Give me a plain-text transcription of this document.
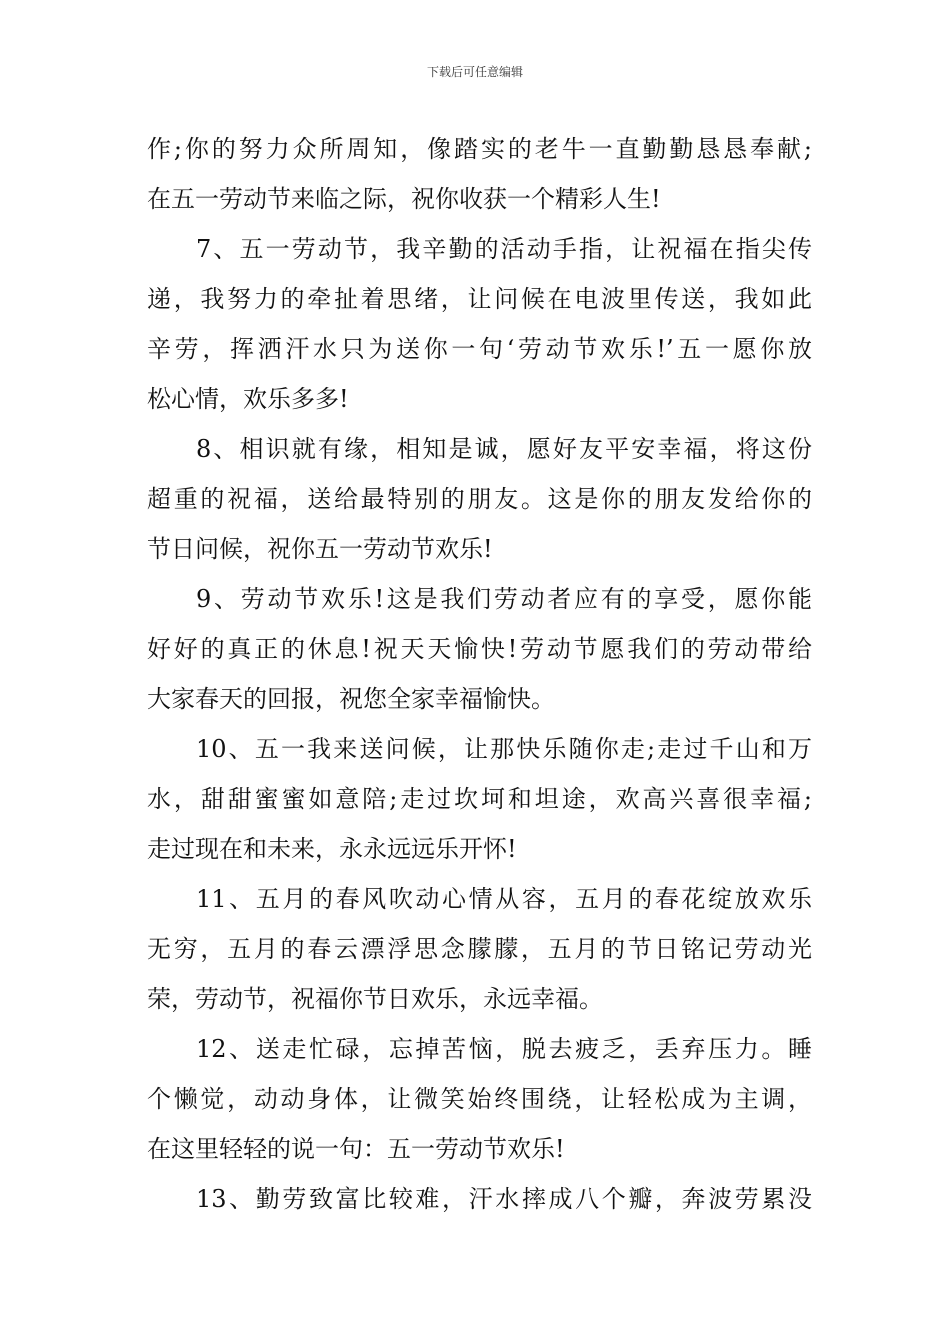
下载后可任意编辑
作;你的努力众所周知，像踏实的老牛一直勤勤恳恳奉献;
在五一劳动节来临之际，祝你收获一个精彩人生!
7、五一劳动节，我辛勤的活动手指，让祝福在指尖传
递，我努力的牵扯着思绪，让问候在电波里传送，我如此
辛劳，挥洒汗水只为送你一句‘劳动节欢乐!’五一愿你放
松心情，欢乐多多!
8、相识就有缘，相知是诚，愿好友平安幸福，将这份
超重的祝福，送给最特别的朋友。这是你的朋友发给你的
节日问候，祝你五一劳动节欢乐!
9、劳动节欢乐!这是我们劳动者应有的享受，愿你能
好好的真正的休息!祝天天愉快!劳动节愿我们的劳动带给
大家春天的回报，祝您全家幸福愉快。
10、五一我来送问候，让那快乐随你走;走过千山和万
水，甜甜蜜蜜如意陪;走过坎坷和坦途，欢高兴喜很幸福;
走过现在和未来，永永远远乐开怀!
11、五月的春风吹动心情从容，五月的春花绽放欢乐
无穷，五月的春云漂浮思念朦朦，五月的节日铭记劳动光
荣，劳动节，祝福你节日欢乐，永远幸福。
12、送走忙碌，忘掉苦恼，脱去疲乏，丢弃压力。睡
个懒觉，动动身体，让微笑始终围绕，让轻松成为主调，
在这里轻轻的说一句：五一劳动节欢乐!
13、勤劳致富比较难，汗水摔成八个瓣，奔波劳累没
